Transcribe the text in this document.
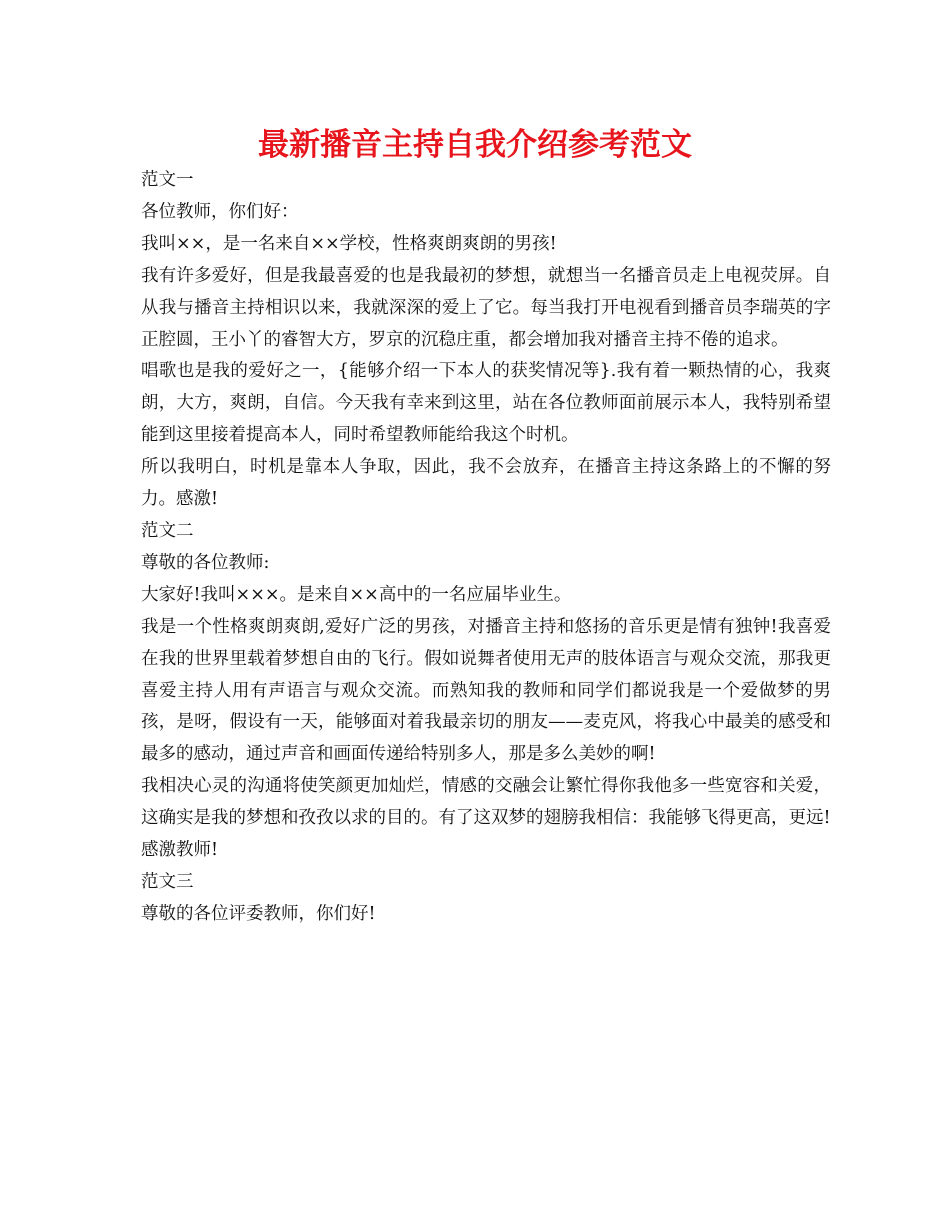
最新播音主持自我介绍参考范文

范文一

各位教师，你们好：

我叫××，是一名来自××学校，性格爽朗爽朗的男孩!

我有许多爱好，但是我最喜爱的也是我最初的梦想，就想当一名播音员走上电视荧屏。自从我与播音主持相识以来，我就深深的爱上了它。每当我打开电视看到播音员李瑞英的字正腔圆，王小丫的睿智大方，罗京的沉稳庄重，都会增加我对播音主持不倦的追求。

唱歌也是我的爱好之一，{能够介绍一下本人的获奖情况等}.我有着一颗热情的心，我爽朗，大方，爽朗，自信。今天我有幸来到这里，站在各位教师面前展示本人，我特别希望能到这里接着提高本人，同时希望教师能给我这个时机。

所以我明白，时机是靠本人争取，因此，我不会放弃，在播音主持这条路上的不懈的努力。感激!

范文二

尊敬的各位教师:

大家好!我叫×××。是来自××高中的一名应届毕业生。

我是一个性格爽朗爽朗,爱好广泛的男孩，对播音主持和悠扬的音乐更是情有独钟!我喜爱在我的世界里载着梦想自由的飞行。假如说舞者使用无声的肢体语言与观众交流，那我更喜爱主持人用有声语言与观众交流。而熟知我的教师和同学们都说我是一个爱做梦的男孩，是呀，假设有一天，能够面对着我最亲切的朋友——麦克风，将我心中最美的感受和最多的感动，通过声音和画面传递给特别多人，那是多么美妙的啊!

我相决心灵的沟通将使笑颜更加灿烂，情感的交融会让繁忙得你我他多一些宽容和关爱，这确实是我的梦想和孜孜以求的目的。有了这双梦的翅膀我相信：我能够飞得更高，更远!

感激教师!

范文三

尊敬的各位评委教师，你们好!
